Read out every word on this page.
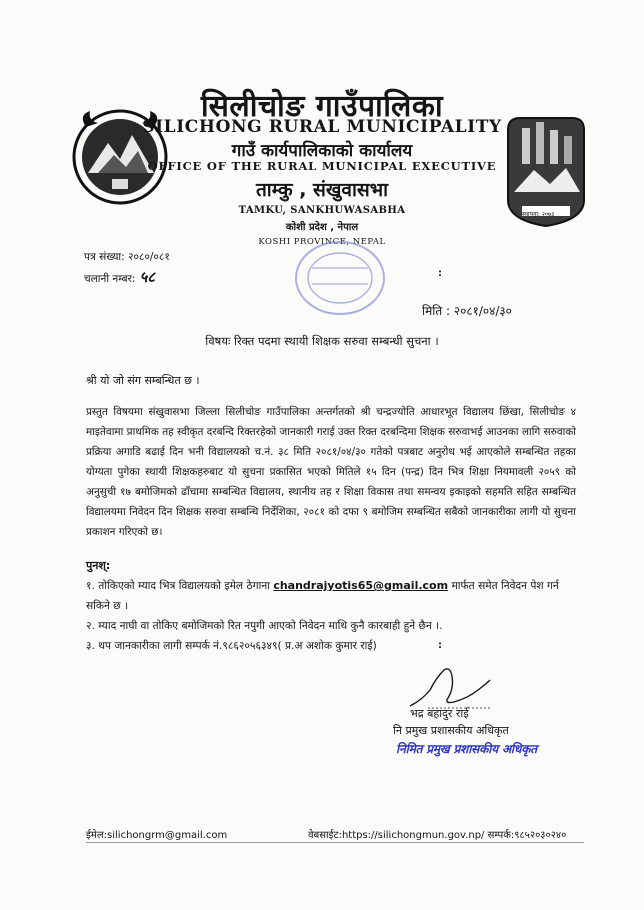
स्थापना: २०७३
सिलीचोङ गाउँपालिका
SILICHONG RURAL MUNICIPALITY
गाउँ कार्यपालिकाको कार्यालय
OFFICE OF THE RURAL MUNICIPAL EXECUTIVE
ताम्कु , संखुवासभा
TAMKU, SANKHUWASABHA
कोशी प्रदेश , नेपाल
KOSHI PROVINCE, NEPAL
पत्र संख्या: २०८०/०८१
चलानी नम्बर: ५८	:
मिति : २०८१/०४/३०
विषयः रिक्त पदमा स्थायी शिक्षक सरुवा सम्बन्धी सुचना ।
श्री यो जो संग सम्बन्धित छ ।
प्रस्तुत विषयमा संखुवासभा जिल्ला सिलीचोङ गाउँपालिका अन्तर्गतको श्री चन्द्रज्योति आधारभूत विद्यालय छिंखा, सिलीचोङ ४ माइतेवामा प्राथमिक तह स्वीकृत दरबन्दि रिक्तरहेको जानकारी गराई उक्त रिक्त दरबन्दिमा शिक्षक सरुवाभई आउनका लागि सरुवाको प्रक्रिया अगाडि बढाई दिन भनी विद्यालयको च.नं. ३८ मिति २०८१/०४/३० गतेको पत्रबाट अनुरोध भई आएकोले सम्बन्धित तहका योग्यता पुगेका स्थायी शिक्षकहरुबाट यो सुचना प्रकासित भएको मितिले १५ दिन (पन्द्र) दिन भित्र शिक्षा नियमावली २०५९ को अनुसुची १७ बमोजिमको ढाँचामा सम्बन्धित विद्यालय, स्थानीय तह र शिक्षा विकास तथा समन्वय इकाइको सहमति सहित सम्बन्धित विद्यालयमा निवेदन दिन शिक्षक सरुवा सम्बन्धि निर्देशिका, २०८१ को दफा ९ बमोजिम सम्बन्धित सबैको जानकारीका लागी यो सुचना प्रकाशन गरिएको छ।
पुनश्:
१. तोकिएको म्याद भित्र विद्यालयको इमेल ठेगाना chandrajyotis65@gmail.com मार्फत समेत निवेदन पेश गर्न सकिने छ ।
२. म्याद नाघी वा तोकिए बमोजिमको रित नपुगी आएको निवेदन माथि कुनै कारबाही हुने छैन ।.
३. थप जानकारीका लागी सम्पर्क नं.९८६२०५६३४९( प्र.अ अशोक कुमार राई)	:
भद्र बहादुर राई
नि प्रमुख प्रशासकीय अधिकृत
निमित प्रमुख प्रशासकीय अधिकृत
ईमेल:silichongrm@gmail.com	वेबसाईट:https://silichongmun.gov.np/ सम्पर्क:९८५२०३०२४०
